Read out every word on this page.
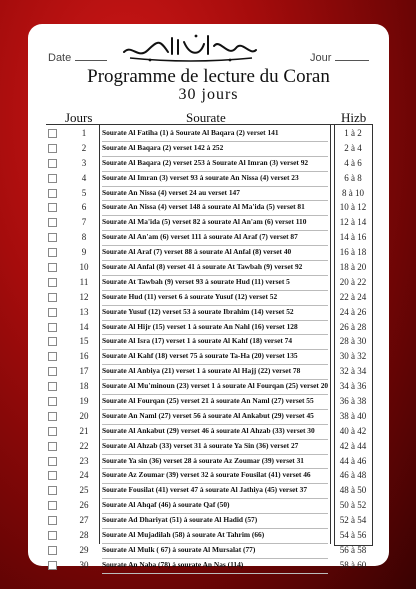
Date	Jour
Programme de lecture du Coran
30 jours
Jours	Sourate	Hizb
1	Sourate Al Fatiha (1) à Sourate Al Baqara (2) verset 141	1 à 2
2	Sourate Al Baqara (2) verset 142 à 252	2 à 4
3	Sourate Al Baqara (2) verset 253 à Sourate Al Imran (3) verset 92	4 à 6
4	Sourate Al Imran (3) verset 93 à sourate An Nissa (4) verset 23	6 à 8
5	Sourate An Nissa (4) verset 24 au verset 147	8 à 10
6	Sourate An Nissa (4) verset 148 à sourate Al Ma'ida (5) verset 81	10 à 12
7	Sourate Al Ma'ida (5) verset 82 à sourate Al An'am (6) verset 110	12 à 14
8	Sourate Al An'am (6) verset 111 à sourate Al Araf (7) verset 87	14 à 16
9	Sourate Al Araf (7) verset 88 à sourate Al Anfal (8) verset 40	16 à 18
10	Sourate Al Anfal (8) verset 41 à sourate At Tawbah (9) verset 92	18 à 20
11	Sourate At Tawbah (9) verset 93 à sourate Hud (11) verset 5	20 à 22
12	Sourate Hud (11) verset 6 à sourate Yusuf (12) verset 52	22 à 24
13	Sourate Yusuf (12) verset 53 à sourate Ibrahim (14) verset 52	24 à 26
14	Sourate Al Hijr (15) verset 1 à sourate An Nahl (16) verset 128	26 à 28
15	Sourate Al Isra (17) verset 1 à sourate Al Kahf (18) verset 74	28 à 30
16	Sourate Al Kahf (18) verset 75 à sourate Ta-Ha (20) verset 135	30 à 32
17	Sourate Al Anbiya (21) verset 1 à sourate Al Hajj (22) verset 78	32 à 34
18	Sourate Al Mu'minoun (23) verset 1 à sourate Al Fourqan (25) verset 20	34 à 36
19	Sourate Al Fourqan (25) verset 21 à sourate An Naml (27) verset 55	36 à 38
20	Sourate An Naml (27) verset 56 à sourate Al Ankabut (29) verset 45	38 à 40
21	Sourate Al Ankabut (29) verset 46 à sourate Al Ahzab (33) verset 30	40 à 42
22	Sourate Al Ahzab (33) verset 31 à sourate Ya Sin (36) verset 27	42 à 44
23	Sourate Ya sin (36) verset 28 à sourate Az Zoumar (39) verset 31	44 à 46
24	Sourate Az Zoumar (39) verset 32 à sourate Fousilat (41) verset 46	46 à 48
25	Sourate Fousilat (41) verset 47 à sourate Al Jathiya (45) verset 37	48 à 50
26	Sourate Al Ahqaf (46) à sourate Qaf (50)	50 à 52
27	Sourate Ad Dhariyat (51) à sourate Al Hadid (57)	52 à 54
28	Sourate Al Mujadilah (58) à sourate At Tahrim (66)	54 à 56
29	Sourate Al Mulk ( 67) à sourate Al Mursalat (77)	56 à 58
30	Sourate An Naba (78) à sourate An Nas (114)	58 à 60
